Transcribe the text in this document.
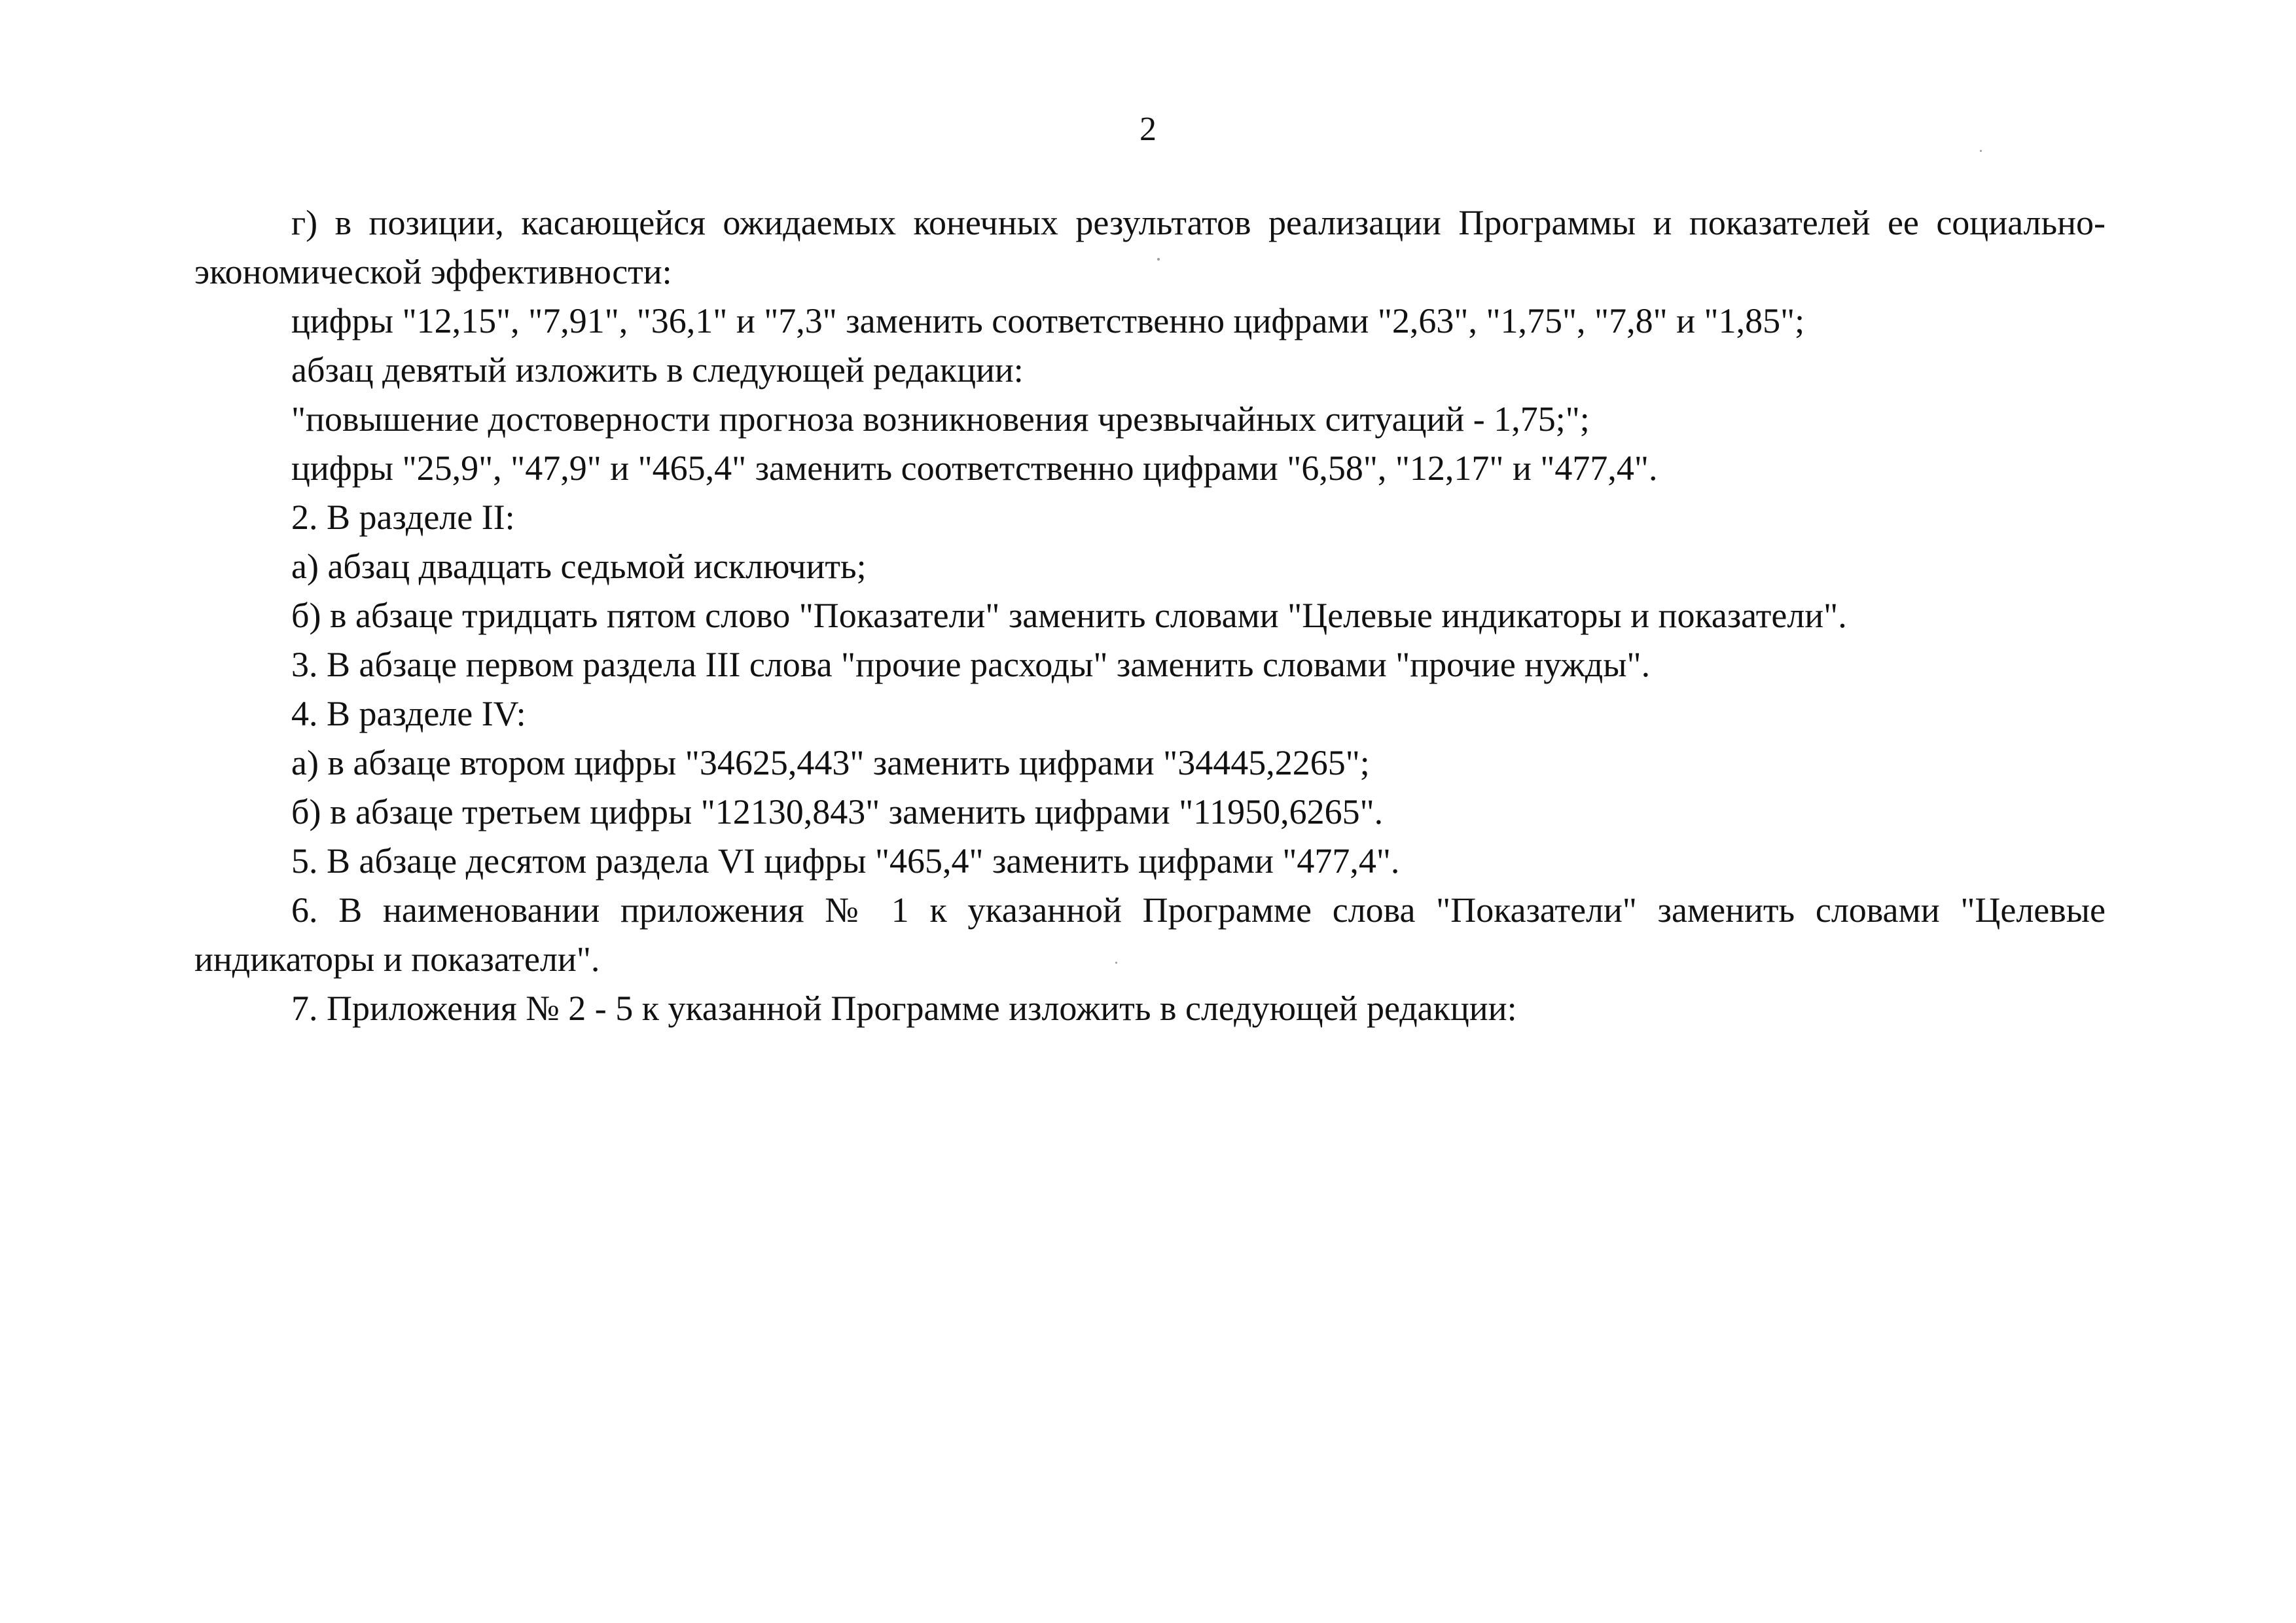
2

г) в позиции, касающейся ожидаемых конечных результатов реализации Программы и показателей ее социально-экономической эффективности:

цифры "12,15", "7,91", "36,1" и "7,3" заменить соответственно цифрами "2,63", "1,75", "7,8" и "1,85";

абзац девятый изложить в следующей редакции:

"повышение достоверности прогноза возникновения чрезвычайных ситуаций - 1,75;";

цифры "25,9", "47,9" и "465,4" заменить соответственно цифрами "6,58", "12,17" и "477,4".

2. В разделе II:

а) абзац двадцать седьмой исключить;

б) в абзаце тридцать пятом слово "Показатели" заменить словами "Целевые индикаторы и показатели".

3. В абзаце первом раздела III слова "прочие расходы" заменить словами "прочие нужды".

4. В разделе IV:

а) в абзаце втором цифры "34625,443" заменить цифрами "34445,2265";

б) в абзаце третьем цифры "12130,843" заменить цифрами "11950,6265".

5. В абзаце десятом раздела VI цифры "465,4" заменить цифрами "477,4".

6. В наименовании приложения № 1 к указанной Программе слова "Показатели" заменить словами "Целевые индикаторы и показатели".

7. Приложения № 2 - 5 к указанной Программе изложить в следующей редакции:
